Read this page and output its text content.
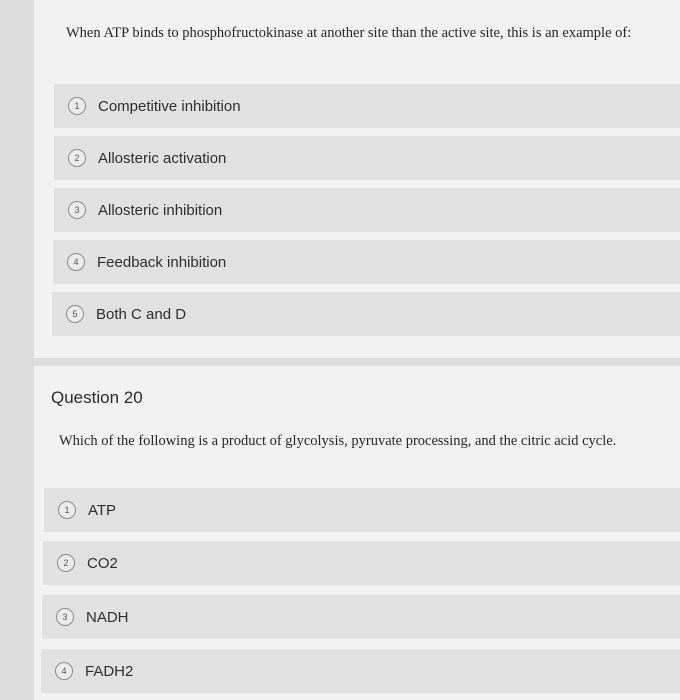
When ATP binds to phosphofructokinase at another site than the active site, this is an example of:
1	Competitive inhibition
2	Allosteric activation
3	Allosteric inhibition
4	Feedback inhibition
5	Both C and D
Question 20
Which of the following is a product of glycolysis, pyruvate processing, and the citric acid cycle.
1	ATP
2	CO2
3	NADH
4	FADH2
